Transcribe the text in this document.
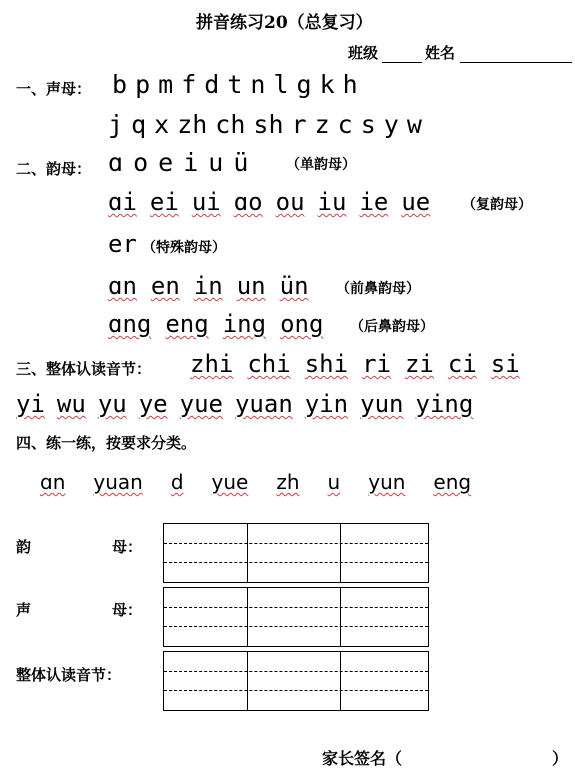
拼音练习20（总复习）
班级	姓名
一、声母： b p m f d t n l g k h
j q x zh ch sh r z c s y w
二、韵母： ɑ o e i u ü	（单韵母）
ɑi ei ui ɑo ou iu ie ue （复韵母）
er （特殊韵母）
ɑn en in un ün （前鼻韵母）
ɑng eng ing ong （后鼻韵母）
三、整体认读音节： zhi chi shi ri zi ci si
yi wu yu ye yue yuan yin yun ying
四、练一练，按要求分类。
ɑn yuan d yue zh u yun eng
韵	母：
声	母：
整体认读音节：
家长签名（	）
